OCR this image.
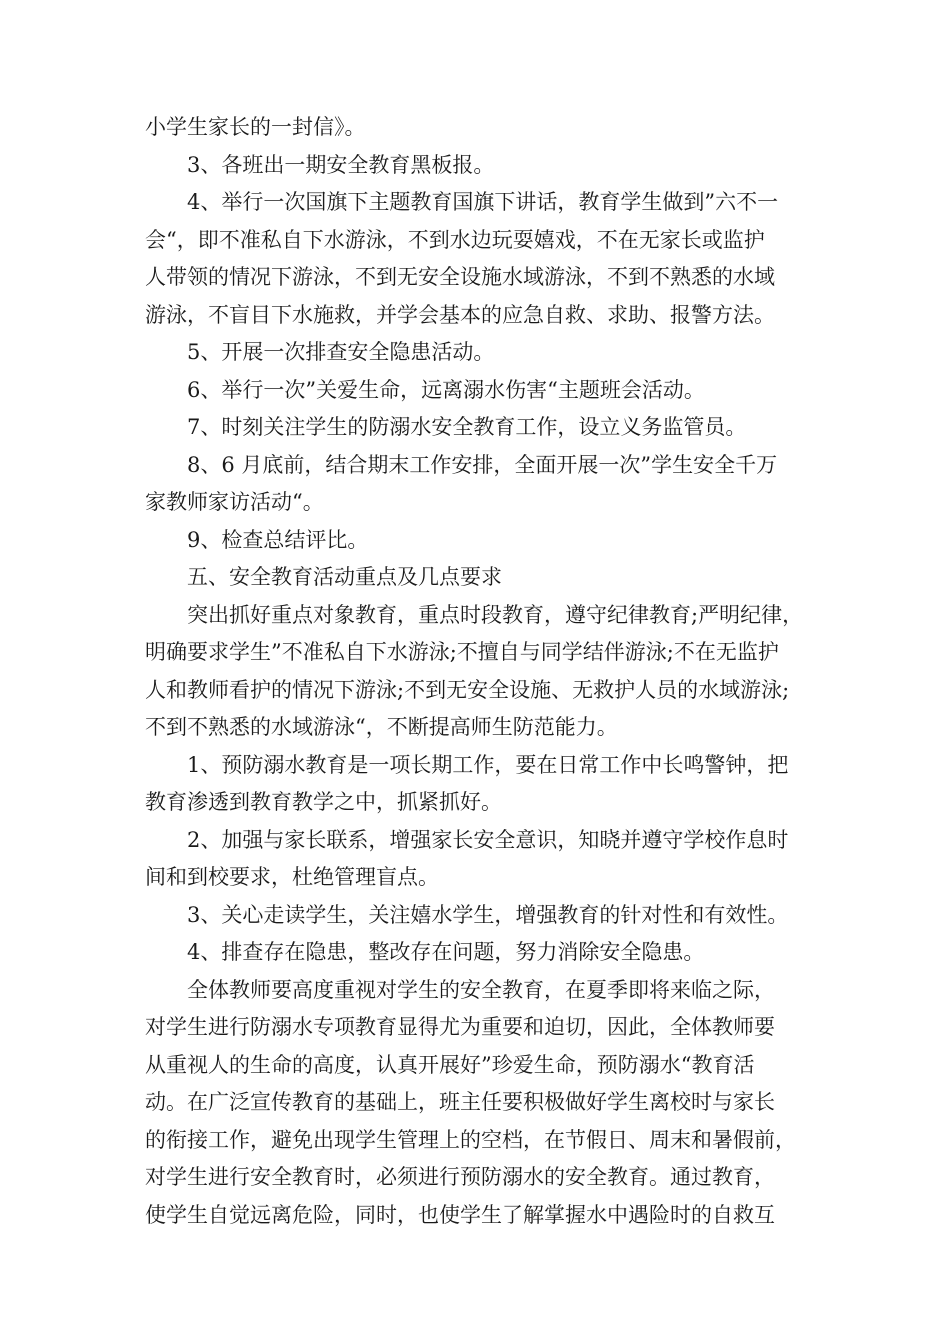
小学生家长的一封信》。

3、各班出一期安全教育黑板报。

4、举行一次国旗下主题教育国旗下讲话，教育学生做到”六不一

会“，即不准私自下水游泳，不到水边玩耍嬉戏，不在无家长或监护

人带领的情况下游泳，不到无安全设施水域游泳，不到不熟悉的水域

游泳，不盲目下水施救，并学会基本的应急自救、求助、报警方法。

5、开展一次排查安全隐患活动。

6、举行一次”关爱生命，远离溺水伤害“主题班会活动。

7、时刻关注学生的防溺水安全教育工作，设立义务监管员。

8、6 月底前，结合期末工作安排，全面开展一次”学生安全千万

家教师家访活动“。

9、检查总结评比。

五、安全教育活动重点及几点要求

突出抓好重点对象教育，重点时段教育，遵守纪律教育;严明纪律，

明确要求学生”不准私自下水游泳;不擅自与同学结伴游泳;不在无监护

人和教师看护的情况下游泳;不到无安全设施、无救护人员的水域游泳;

不到不熟悉的水域游泳“，不断提高师生防范能力。

1、预防溺水教育是一项长期工作，要在日常工作中长鸣警钟，把

教育渗透到教育教学之中，抓紧抓好。

2、加强与家长联系，增强家长安全意识，知晓并遵守学校作息时

间和到校要求，杜绝管理盲点。

3、关心走读学生，关注嬉水学生，增强教育的针对性和有效性。

4、排查存在隐患，整改存在问题，努力消除安全隐患。

全体教师要高度重视对学生的安全教育，在夏季即将来临之际，

对学生进行防溺水专项教育显得尤为重要和迫切，因此，全体教师要

从重视人的生命的高度，认真开展好”珍爱生命，预防溺水“教育活

动。在广泛宣传教育的基础上，班主任要积极做好学生离校时与家长

的衔接工作，避免出现学生管理上的空档，在节假日、周末和暑假前，

对学生进行安全教育时，必须进行预防溺水的安全教育。通过教育，

使学生自觉远离危险，同时，也使学生了解掌握水中遇险时的自救互
